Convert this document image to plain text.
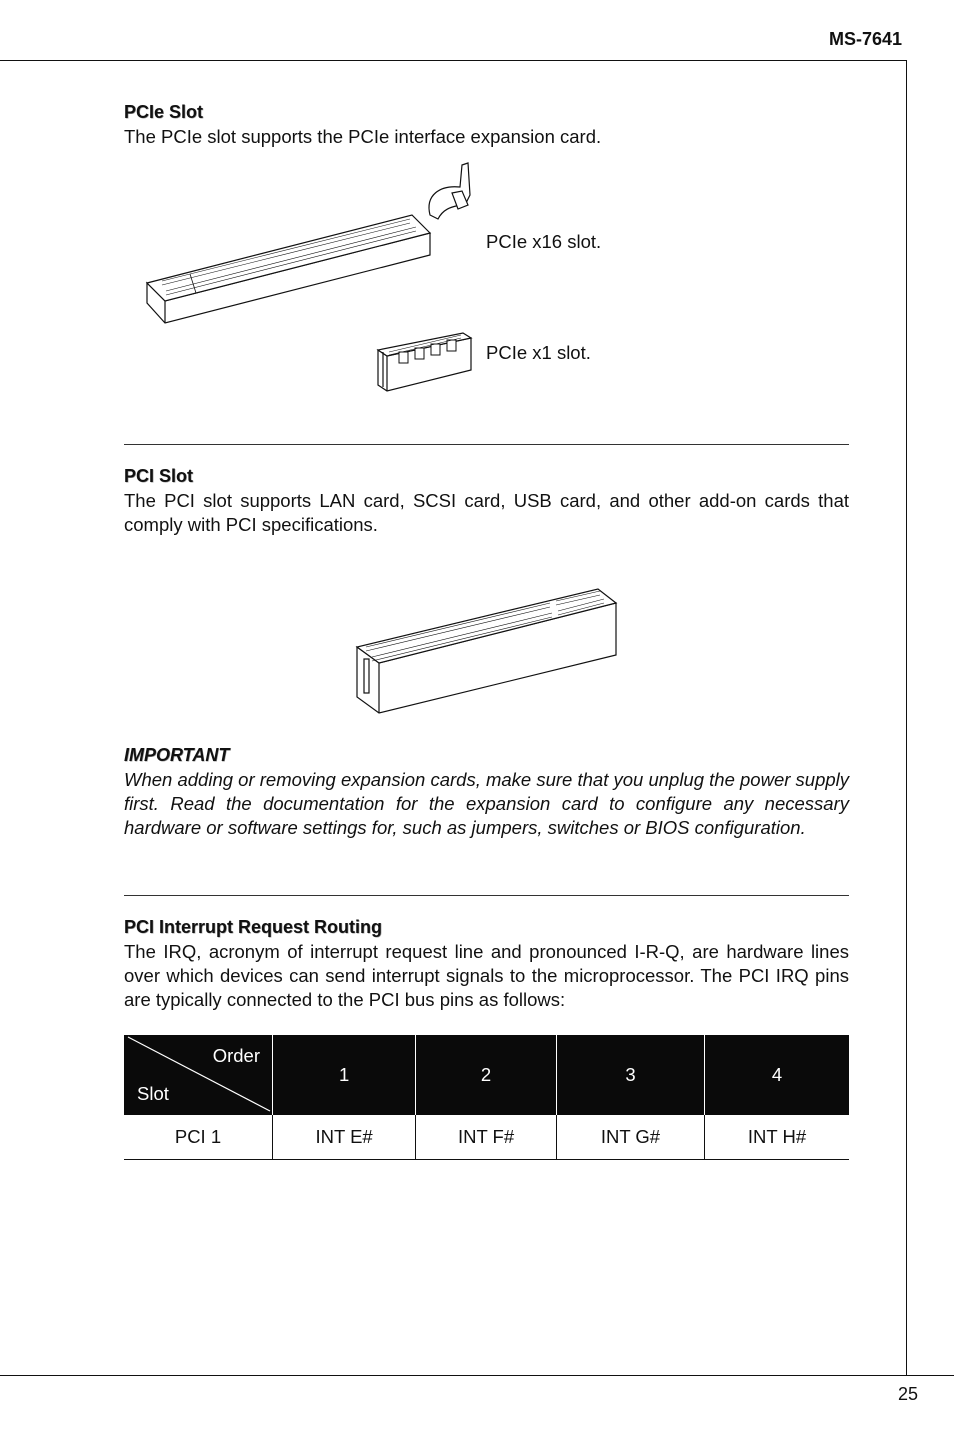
MS-7641
25
PCIe Slot
The PCIe slot supports the PCIe interface expansion card.
PCIe x16 slot.
PCIe x1 slot.
PCI Slot
The PCI slot supports LAN card, SCSI card, USB card, and other add-on cards that comply with PCI specifications.
IMPORTANT
When adding or removing expansion cards, make sure that you unplug the power supply first. Read the documentation for the expansion card to configure any necessary hardware or software settings for, such as jumpers, switches or BIOS configuration.
PCI Interrupt Request Routing
The IRQ, acronym of interrupt request line and pronounced I-R-Q, are hardware lines over which devices can send interrupt signals to the microprocessor. The PCI IRQ pins are typically connected to the PCI bus pins as follows:
Order
Slot	1	2	3	4
PCI 1	INT E#	INT F#	INT G#	INT H#
